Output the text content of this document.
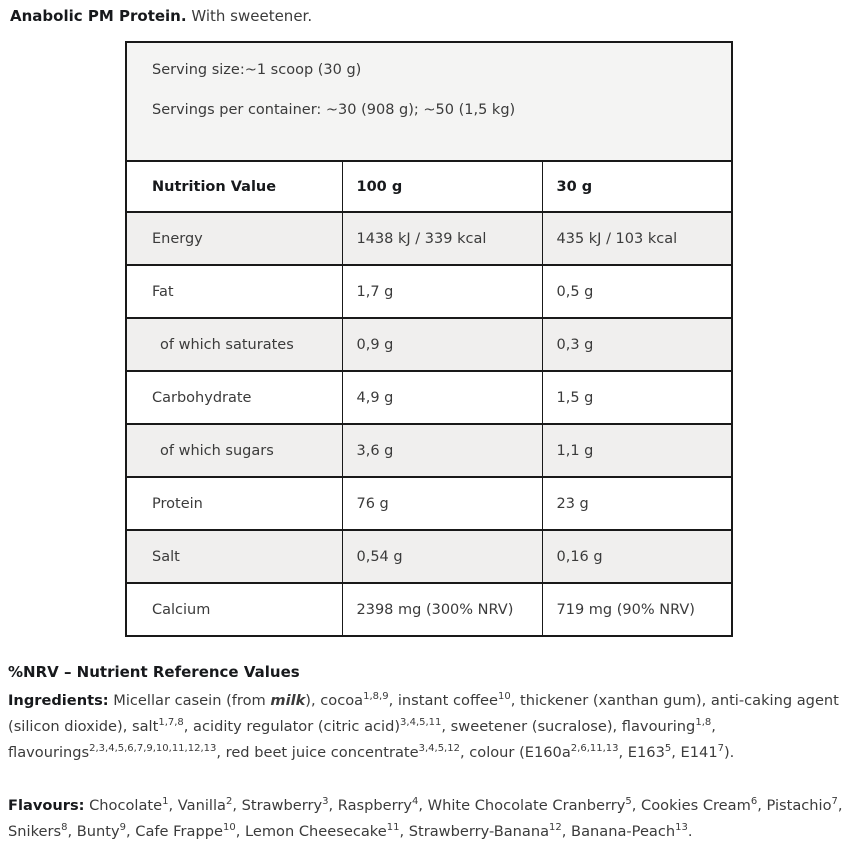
Anabolic PM Protein. With sweetener.
Serving size:~1 scoop (30 g)
Servings per container: ~30 (908 g); ~50 (1,5 kg)		

Nutrition Value	100 g	30 g
Energy	1438 kJ / 339 kcal	435 kJ / 103 kcal
Fat	1,7 g	0,5 g
of which saturates	0,9 g	0,3 g
Carbohydrate	4,9 g	1,5 g
of which sugars	3,6 g	1,1 g
Protein	76 g	23 g
Salt	0,54 g	0,16 g
Calcium	2398 mg (300% NRV)	719 mg (90% NRV)
%NRV – Nutrient Reference Values

Ingredients: Micellar casein (from milk), cocoa$^{1,8,9}$, instant coffee$^{10}$, thickener (xanthan gum), anti-caking agent (silicon dioxide), salt$^{1,7,8}$, acidity regulator (citric acid)$^{3,4,5,11}$, sweetener (sucralose), flavouring$^{1,8}$, flavourings$^{2,3,4,5,6,7,9,10,11,12,13}$, red beet juice concentrate$^{3,4,5,12}$, colour ($E160a^{2,6,11,13}$, $E163^5$, $E141^7$).

Flavours: Chocolate$^1$, Vanilla$^2$, Strawberry$^3$, Raspberry$^4$, White Chocolate Cranberry$^5$, Cookies Cream$^6$, Pistachio$^7$, Snikers$^8$, Bunty$^9$, Cafe Frappe$^{10}$, Lemon Cheesecake$^{11}$, Strawberry-Banana$^{12}$, Banana-Peach$^{13}$.
